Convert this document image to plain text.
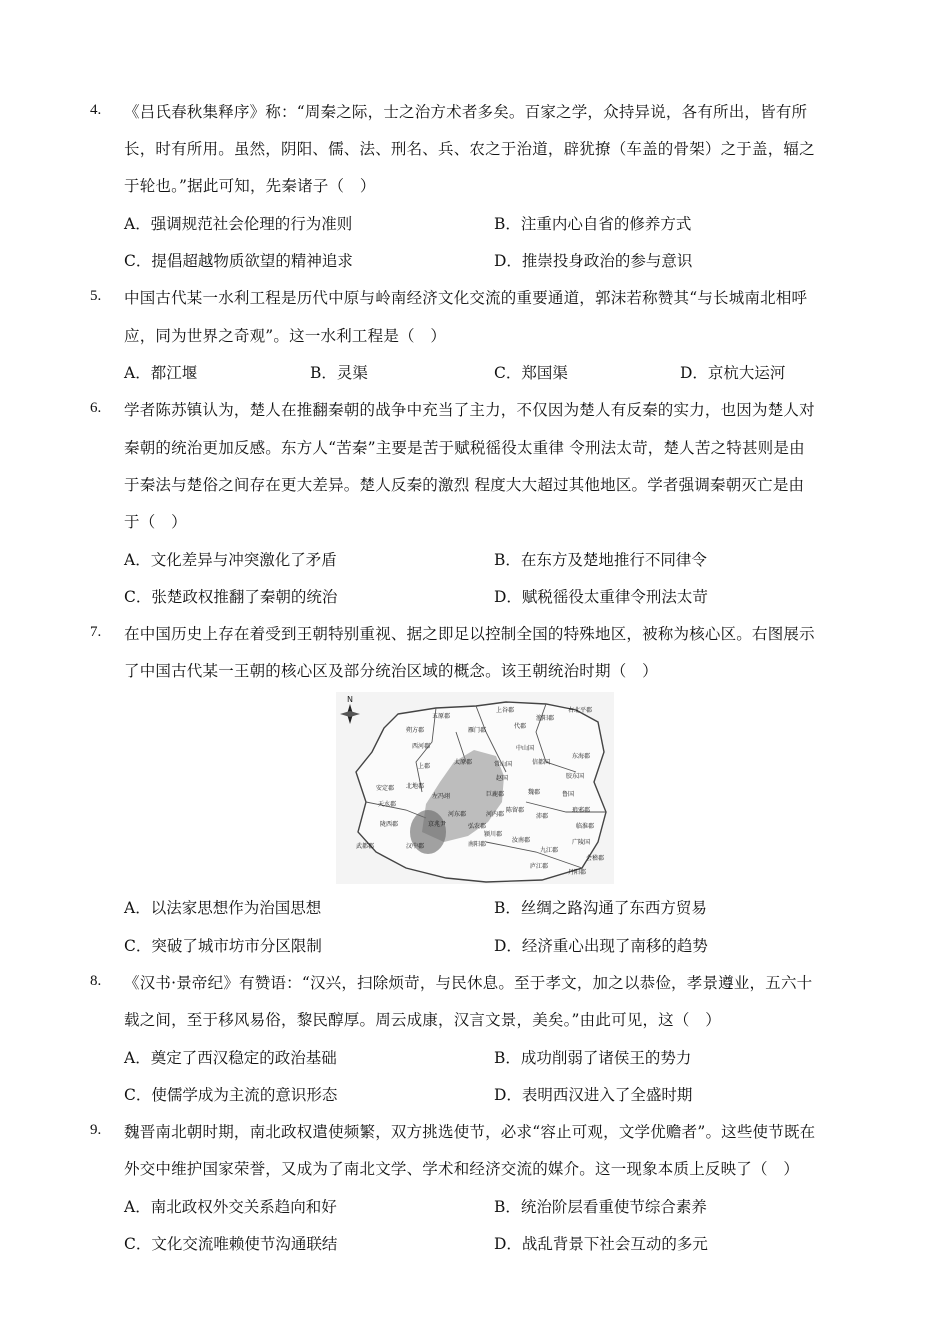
4. 《吕氏春秋集释序》称：“周秦之际，士之治方术者多矣。百家之学，众持异说，各有所出，皆有所
长，时有所用。虽然，阴阳、儒、法、刑名、兵、农之于治道，辟犹撩（车盖的骨架）之于盖，辐之
于轮也。”据此可知，先秦诸子（　）
A．强调规范社会伦理的行为准则	B．注重内心自省的修养方式
C．提倡超越物质欲望的精神追求	D．推崇投身政治的参与意识
5. 中国古代某一水利工程是历代中原与岭南经济文化交流的重要通道，郭沫若称赞其“与长城南北相呼
应，同为世界之奇观”。这一水利工程是（　）
A．都江堰	B．灵渠	C．郑国渠	D．京杭大运河
6. 学者陈苏镇认为，楚人在推翻秦朝的战争中充当了主力，不仅因为楚人有反秦的实力，也因为楚人对
秦朝的统治更加反感。东方人“苦秦”主要是苦于赋税徭役太重律 令刑法太苛，楚人苦之特甚则是由
于秦法与楚俗之间存在更大差异。楚人反秦的激烈 程度大大超过其他地区。学者强调秦朝灭亡是由
于（　）
A．文化差异与冲突激化了矛盾	B．在东方及楚地推行不同律令
C．张楚政权推翻了秦朝的统治	D．赋税徭役太重律令刑法太苛
7. 在中国历史上存在着受到王朝特别重视、据之即足以控制全国的特殊地区，被称为核心区。右图展示
了中国古代某一王朝的核心区及部分统治区域的概念。该王朝统治时期（　）
N
五原郡
上谷郡
渔阳郡
右北平郡
朔方郡	雁门郡
代郡
西河郡	中山国
上郡
太原郡	常山国	信都国
东海郡
安定郡 北地郡
赵国
巨鹿郡
胶东国
天水郡
左冯翊
魏郡	鲁国
琅邪郡
河东郡	河内郡
陇西郡	京兆尹	弘农郡
陈留郡
沛郡
临淮郡
武都郡	汉中郡	南阳郡
汝南郡
颍川郡
九江郡
广陵国
会稽郡
庐江郡
丹阳郡
A．以法家思想作为治国思想	B．丝绸之路沟通了东西方贸易
C．突破了城市坊市分区限制	D．经济重心出现了南移的趋势
8. 《汉书·景帝纪》有赞语：“汉兴，扫除烦苛，与民休息。至于孝文，加之以恭俭，孝景遵业，五六十
载之间，至于移风易俗，黎民醇厚。周云成康，汉言文景，美矣。”由此可见，这（　）
A．奠定了西汉稳定的政治基础	B．成功削弱了诸侯王的势力
C．使儒学成为主流的意识形态	D．表明西汉进入了全盛时期
9. 魏晋南北朝时期，南北政权遣使频繁，双方挑选使节，必求“容止可观，文学优赡者”。这些使节既在
外交中维护国家荣誉，又成为了南北文学、学术和经济交流的媒介。这一现象本质上反映了（　）
A．南北政权外交关系趋向和好	B．统治阶层看重使节综合素养
C．文化交流唯赖使节沟通联结	D．战乱背景下社会互动的多元
